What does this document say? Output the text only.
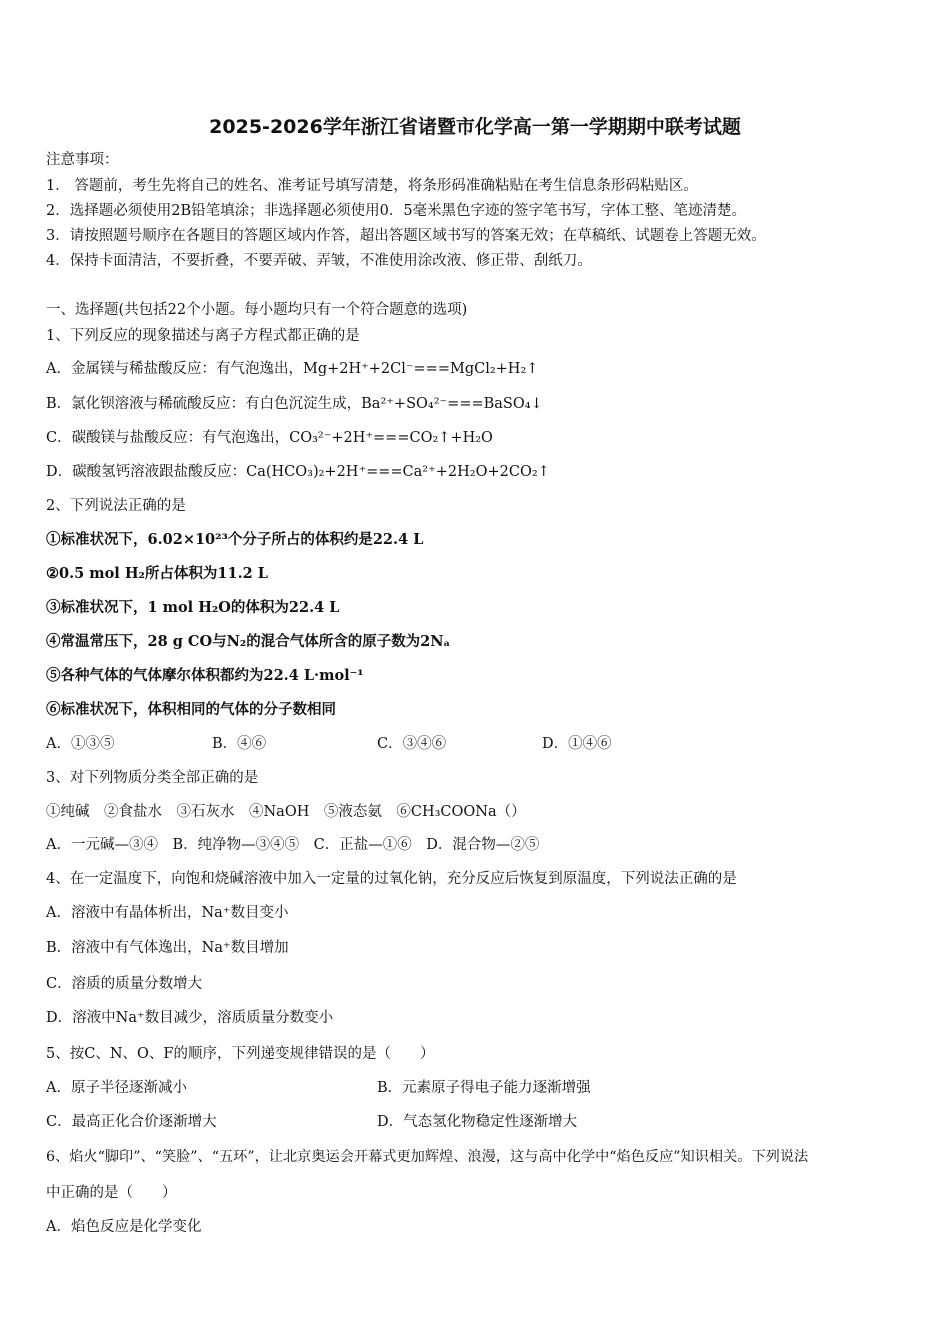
2025-2026学年浙江省诸暨市化学高一第一学期期中联考试题
注意事项：
1． 答题前，考生先将自己的姓名、准考证号填写清楚，将条形码准确粘贴在考生信息条形码粘贴区。
2．选择题必须使用2B铅笔填涂；非选择题必须使用0．5毫米黑色字迹的签字笔书写，字体工整、笔迹清楚。
3．请按照题号顺序在各题目的答题区域内作答，超出答题区域书写的答案无效；在草稿纸、试题卷上答题无效。
4．保持卡面清洁，不要折叠，不要弄破、弄皱，不准使用涂改液、修正带、刮纸刀。
一、选择题(共包括22个小题。每小题均只有一个符合题意的选项)
1、下列反应的现象描述与离子方程式都正确的是
A．金属镁与稀盐酸反应：有气泡逸出，Mg+2H⁺+2Cl⁻===MgCl₂+H₂↑
B．氯化钡溶液与稀硫酸反应：有白色沉淀生成，Ba²⁺+SO₄²⁻===BaSO₄↓
C．碳酸镁与盐酸反应：有气泡逸出，CO₃²⁻+2H⁺===CO₂↑+H₂O
D．碳酸氢钙溶液跟盐酸反应：Ca(HCO₃)₂+2H⁺===Ca²⁺+2H₂O+2CO₂↑
2、下列说法正确的是
①标准状况下，6.02×10²³个分子所占的体积约是22.4 L
②0.5 mol H₂所占体积为11.2 L
③标准状况下，1 mol H₂O的体积为22.4 L
④常温常压下，28 g CO与N₂的混合气体所含的原子数为2Nₐ
⑤各种气体的气体摩尔体积都约为22.4 L·mol⁻¹
⑥标准状况下，体积相同的气体的分子数相同
A．①③⑤	B．④⑥	C．③④⑥	D．①④⑥
3、对下列物质分类全部正确的是
①纯碱　②食盐水　③石灰水　④NaOH　⑤液态氨　⑥CH₃COONa（）
A．一元碱—③④　B．纯净物—③④⑤　C．正盐—①⑥　D．混合物—②⑤
4、在一定温度下，向饱和烧碱溶液中加入一定量的过氧化钠，充分反应后恢复到原温度，下列说法正确的是
A．溶液中有晶体析出，Na⁺数目变小
B．溶液中有气体逸出，Na⁺数目增加
C．溶质的质量分数增大
D．溶液中Na⁺数目减少，溶质质量分数变小
5、按C、N、O、F的顺序，下列递变规律错误的是（　　）
A．原子半径逐渐减小	B．元素原子得电子能力逐渐增强
C．最高正化合价逐渐增大	D．气态氢化物稳定性逐渐增大
6、焰火“脚印”、“笑脸”、“五环”，让北京奥运会开幕式更加辉煌、浪漫，这与高中化学中“焰色反应”知识相关。下列说法
中正确的是（　　）
A．焰色反应是化学变化
